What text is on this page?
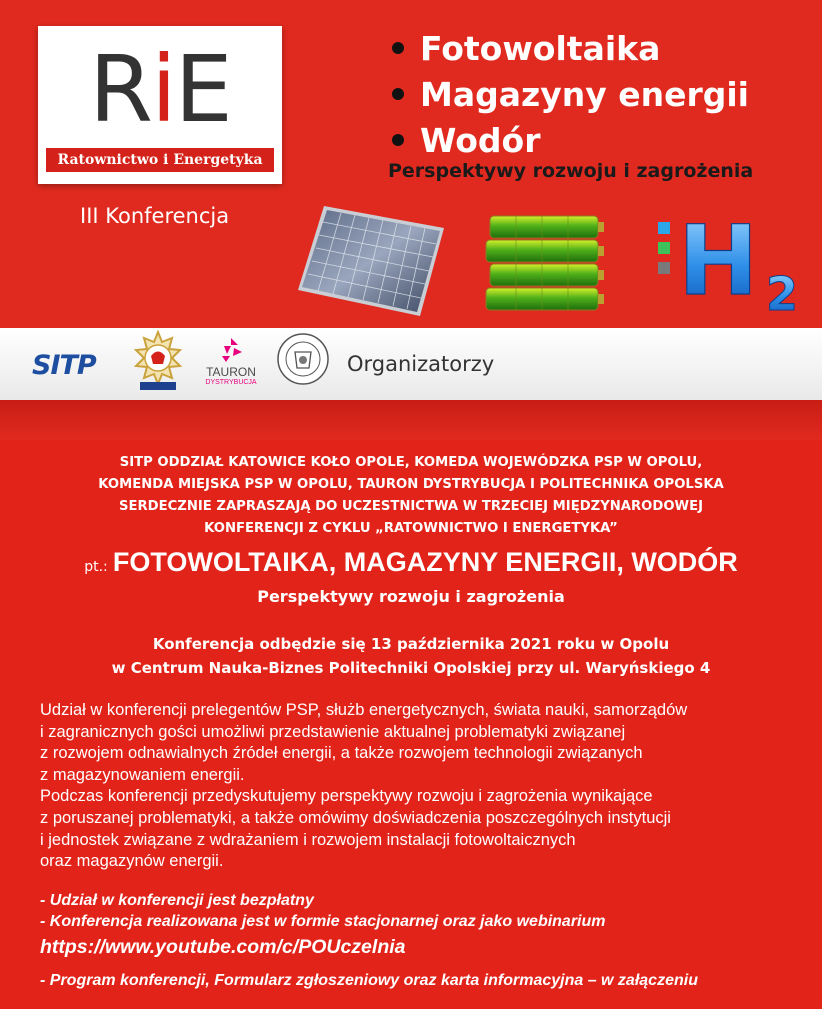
RiE
Ratownictwo i Energetyka
III Konferencja
Fotowoltaika
Magazyny energii
Wodór
Perspektywy rozwoju i zagrożenia
H 2
SITP	TAURON
DYSTRYBUCJA
Organizatorzy
SITP ODDZIAŁ KATOWICE KOŁO OPOLE, KOMEDA WOJEWÓDZKA PSP W OPOLU,
KOMENDA MIEJSKA PSP W OPOLU, TAURON DYSTRYBUCJA I POLITECHNIKA OPOLSKA
SERDECZNIE ZAPRASZAJĄ DO UCZESTNICTWA W TRZECIEJ MIĘDZYNARODOWEJ
KONFERENCJI Z CYKLU „RATOWNICTWO I ENERGETYKA”
pt.: FOTOWOLTAIKA, MAGAZYNY ENERGII, WODÓR
Perspektywy rozwoju i zagrożenia
Konferencja odbędzie się 13 października 2021 roku w Opolu
w Centrum Nauka-Biznes Politechniki Opolskiej przy ul. Waryńskiego 4
Udział w konferencji prelegentów PSP, służb energetycznych, świata nauki, samorządów
i zagranicznych gości umożliwi przedstawienie aktualnej problematyki związanej
z rozwojem odnawialnych źródeł energii, a także rozwojem technologii związanych
z magazynowaniem energii.
Podczas konferencji przedyskutujemy perspektywy rozwoju i zagrożenia wynikające
z poruszanej problematyki, a także omówimy doświadczenia poszczególnych instytucji
i jednostek związane z wdrażaniem i rozwojem instalacji fotowoltaicznych
oraz magazynów energii.
- Udział w konferencji jest bezpłatny
- Konferencja realizowana jest w formie stacjonarnej oraz jako webinarium
https://www.youtube.com/c/POUczelnia
- Program konferencji, Formularz zgłoszeniowy oraz karta informacyjna – w załączeniu
